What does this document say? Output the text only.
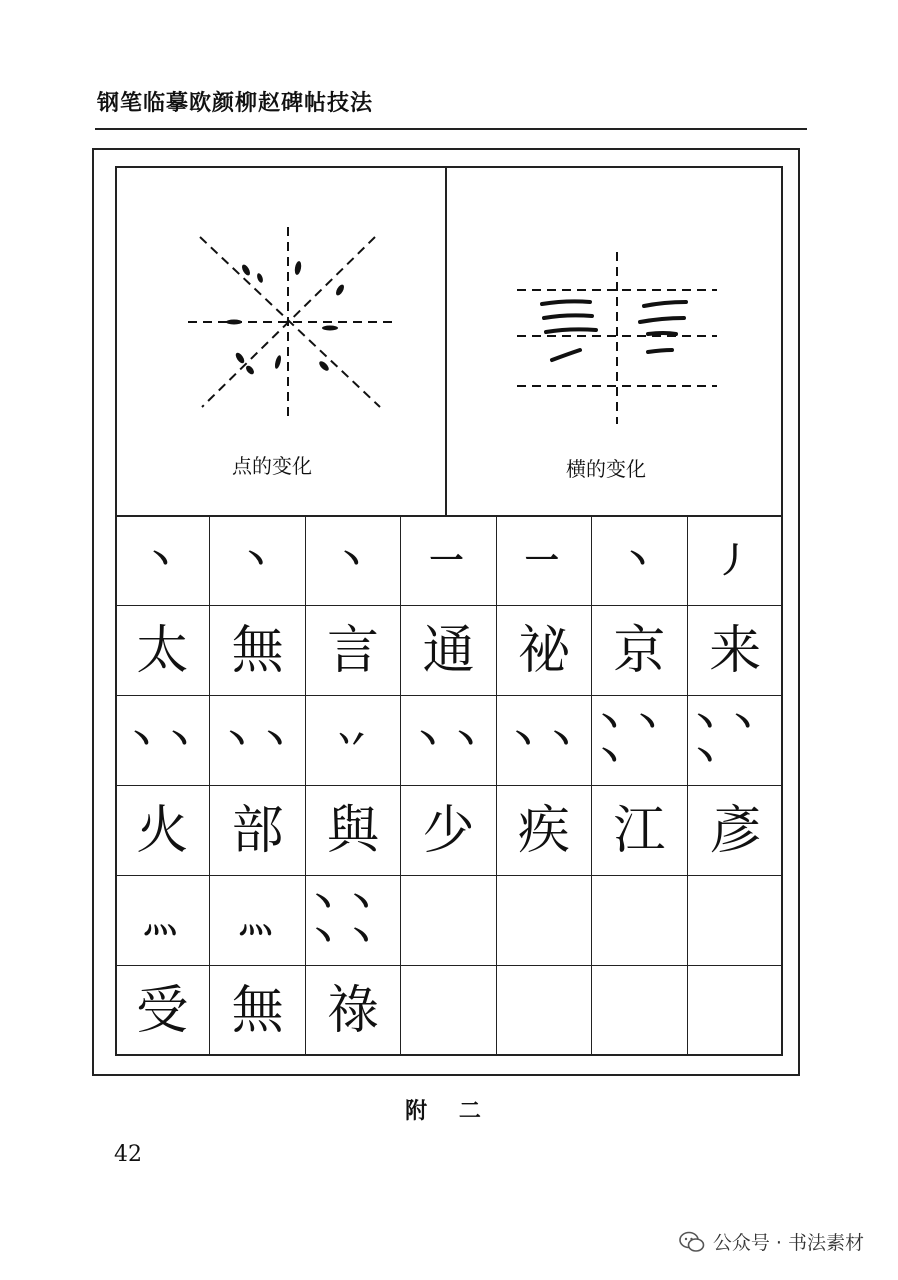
钢笔临摹欧颜柳赵碑帖技法
点的变化	横的变化
丶 丶 丶 一 一 丶 丿
太 無 言 通 祕 京 来
丶丶 丶丶 丷 丶丶 丶丶 丶丶丶
丶丶丶
火 部 與 少 疾 江 彥
灬 灬 丶丶丶丶
受 無 祿
附 二
42
公众号 · 书法素材
